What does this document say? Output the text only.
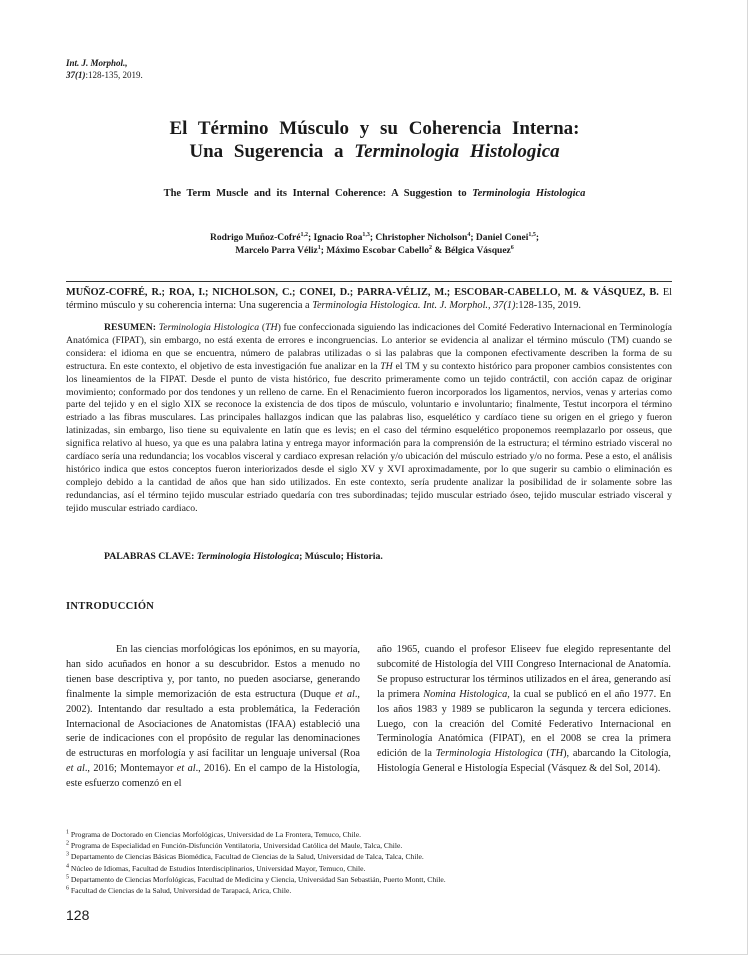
Int. J. Morphol.,
37(1):128-135, 2019.
El Término Músculo y su Coherencia Interna:
Una Sugerencia a Terminologia Histologica
The Term Muscle and its Internal Coherence: A Suggestion to Terminologia Histologica
Rodrigo Muñoz-Cofré$^{1,2}$; Ignacio Roa$^{1,3}$; Christopher Nicholson$^4$; Daniel Conei$^{1,5}$;
Marcelo Parra Véliz$^1$; Máximo Escobar Cabello$^2$ & Bélgica Vásquez$^6$
MUÑOZ-COFRÉ, R.; ROA, I.; NICHOLSON, C.; CONEI, D.; PARRA-VÉLIZ, M.; ESCOBAR-CABELLO, M. & VÁSQUEZ, B. El término músculo y su coherencia interna: Una sugerencia a Terminologia Histologica. Int. J. Morphol., 37(1):128-135, 2019.
RESUMEN: Terminologia Histologica (TH) fue confeccionada siguiendo las indicaciones del Comité Federativo Internacional en Terminología Anatómica (FIPAT), sin embargo, no está exenta de errores e incongruencias. Lo anterior se evidencia al analizar el término músculo (TM) cuando se considera: el idioma en que se encuentra, número de palabras utilizadas o si las palabras que la componen efectivamente describen la forma de su estructura. En este contexto, el objetivo de esta investigación fue analizar en la TH el TM y su contexto histórico para proponer cambios consistentes con los lineamientos de la FIPAT. Desde el punto de vista histórico, fue descrito primeramente como un tejido contráctil, con acción capaz de originar movimiento; conformado por dos tendones y un relleno de carne. En el Renacimiento fueron incorporados los ligamentos, nervios, venas y arterias como parte del tejido y en el siglo XIX se reconoce la existencia de dos tipos de músculo, voluntario e involuntario; finalmente, Testut incorpora el término estriado a las fibras musculares. Las principales hallazgos indican que las palabras liso, esquelético y cardíaco tiene su origen en el griego y fueron latinizadas, sin embargo, liso tiene su equivalente en latín que es levis; en el caso del término esquelético proponemos reemplazarlo por osseus, que significa relativo al hueso, ya que es una palabra latina y entrega mayor información para la comprensión de la estructura; el término estriado visceral no cardíaco sería una redundancia; los vocablos visceral y cardiaco expresan relación y/o ubicación del músculo estriado y/o no forma. Pese a esto, el análisis histórico indica que estos conceptos fueron interiorizados desde el siglo XV y XVI aproximadamente, por lo que sugerir su cambio o eliminación es complejo debido a la cantidad de años que han sido utilizados. En este contexto, sería prudente analizar la posibilidad de ir solamente sobre las redundancias, así el término tejido muscular estriado quedaría con tres subordinadas; tejido muscular estriado óseo, tejido muscular estriado visceral y tejido muscular estriado cardiaco.
PALABRAS CLAVE: Terminologia Histologica; Músculo; Historia.
INTRODUCCIÓN
En las ciencias morfológicas los epónimos, en su mayoría, han sido acuñados en honor a su descubridor. Estos a menudo no tienen base descriptiva y, por tanto, no pueden asociarse, generando finalmente la simple memorización de esta estructura (Duque et al., 2002). Intentando dar resultado a esta problemática, la Federación Internacional de Asociaciones de Anatomistas (IFAA) estableció una serie de indicaciones con el propósito de regular las denominaciones de estructuras en morfología y así facilitar un lenguaje universal (Roa et al., 2016; Montemayor et al., 2016). En el campo de la Histología, este esfuerzo comenzó en el
año 1965, cuando el profesor Eliseev fue elegido representante del subcomité de Histología del VIII Congreso Internacional de Anatomía. Se propuso estructurar los términos utilizados en el área, generando así la primera Nomina Histologica, la cual se publicó en el año 1977. En los años 1983 y 1989 se publicaron la segunda y tercera ediciones. Luego, con la creación del Comité Federativo Internacional en Terminología Anatómica (FIPAT), en el 2008 se crea la primera edición de la Terminologia Histologica (TH), abarcando la Citología, Histología General e Histología Especial (Vásquez & del Sol, 2014).
$^1$ Programa de Doctorado en Ciencias Morfológicas, Universidad de La Frontera, Temuco, Chile.
$^2$ Programa de Especialidad en Función-Disfunción Ventilatoria, Universidad Católica del Maule, Talca, Chile.
$^3$ Departamento de Ciencias Básicas Biomédica, Facultad de Ciencias de la Salud, Universidad de Talca, Talca, Chile.
$^4$ Núcleo de Idiomas, Facultad de Estudios Interdisciplinarios, Universidad Mayor, Temuco, Chile.
$^5$ Departamento de Ciencias Morfológicas, Facultad de Medicina y Ciencia, Universidad San Sebastián, Puerto Montt, Chile.
$^6$ Facultad de Ciencias de la Salud, Universidad de Tarapacá, Arica, Chile.
128
